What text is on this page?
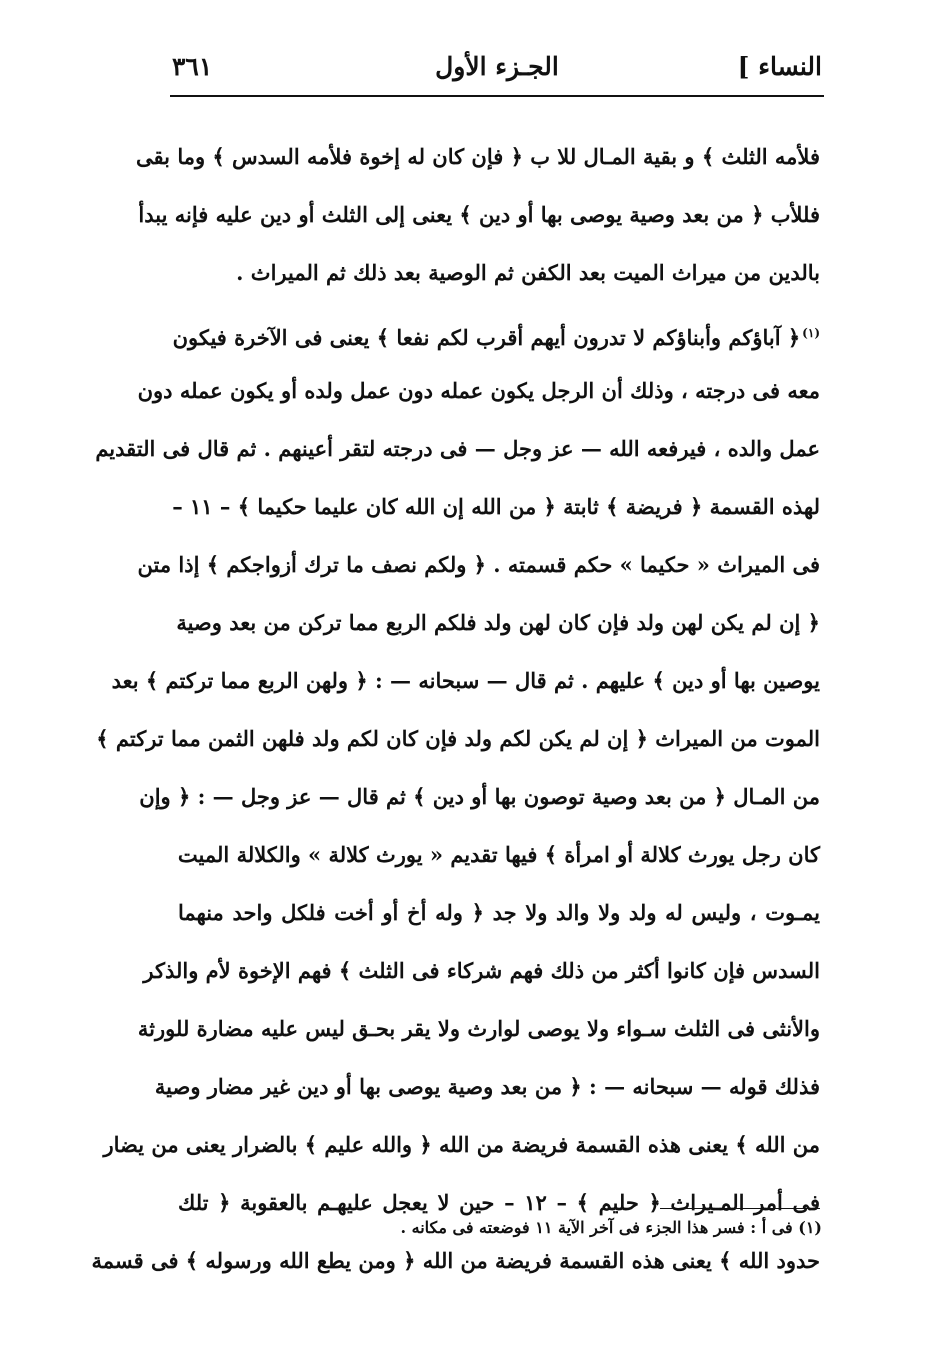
النساء ]
الجـزء الأول
٣٦١
فلأمه الثلث ﴾ و بقية المـال للا ب ﴿ فإن كان له إخوة فلأمه السدس ﴾ وما بقى
فللأب ﴿ من بعد وصية يوصى بها أو دين ﴾ يعنى إلى الثلث أو دين عليه فإنه يبدأ
بالدين من ميراث الميت بعد الكفن ثم الوصية بعد ذلك ثم الميراث .
$^{(١)}$﴿ آباؤكم وأبناؤكم لا تدرون أيهم أقرب لكم نفعا ﴾ يعنى فى الآخرة فيكون
معه فى درجته ، وذلك أن الرجل يكون عمله دون عمل ولده أو يكون عمله دون
عمل والده ، فيرفعه الله — عز وجل — فى درجته لتقر أعينهم . ثم قال فى التقديم
لهذه القسمة ﴿ فريضة ﴾ ثابتة ﴿ من الله إن الله كان عليما حكيما ﴾ – ١١ –
فى الميراث « حكيما » حكم قسمته . ﴿ ولكم نصف ما ترك أزواجكم ﴾ إذا متن
﴿ إن لم يكن لهن ولد فإن كان لهن ولد فلكم الربع مما تركن من بعد وصية
يوصين بها أو دين ﴾ عليهم . ثم قال — سبحانه — : ﴿ ولهن الربع مما تركتم ﴾ بعد
الموت من الميراث ﴿ إن لم يكن لكم ولد فإن كان لكم ولد فلهن الثمن مما تركتم ﴾
من المـال ﴿ من بعد وصية توصون بها أو دين ﴾ ثم قال — عز وجل — : ﴿ وإن
كان رجل يورث كلالة أو امرأة ﴾ فيها تقديم « يورث كلالة » والكلالة الميت
يمـوت ، وليس له ولد ولا والد ولا جد ﴿ وله أخ أو أخت فلكل واحد منهما
السدس فإن كانوا أكثر من ذلك فهم شركاء فى الثلث ﴾ فهم الإخوة لأم والذكر
والأنثى فى الثلث سـواء ولا يوصى لوارث ولا يقر بحـق ليس عليه مضارة للورثة
فذلك قوله — سبحانه — : ﴿ من بعد وصية يوصى بها أو دين غير مضار وصية
من الله ﴾ يعنى هذه القسمة فريضة من الله ﴿ والله عليم ﴾ بالضرار يعنى من يضار
فى أمر المـيراث ﴿ حليم ﴾ – ١٢ – حين لا يعجل عليهـم بالعقوبة ﴿ تلك
حدود الله ﴾ يعنى هذه القسمة فريضة من الله ﴿ ومن يطع الله ورسوله ﴾ فى قسمة
(١) فى أ : فسر هذا الجزء فى آخر الآية ١١ فوضعته فى مكانه .
